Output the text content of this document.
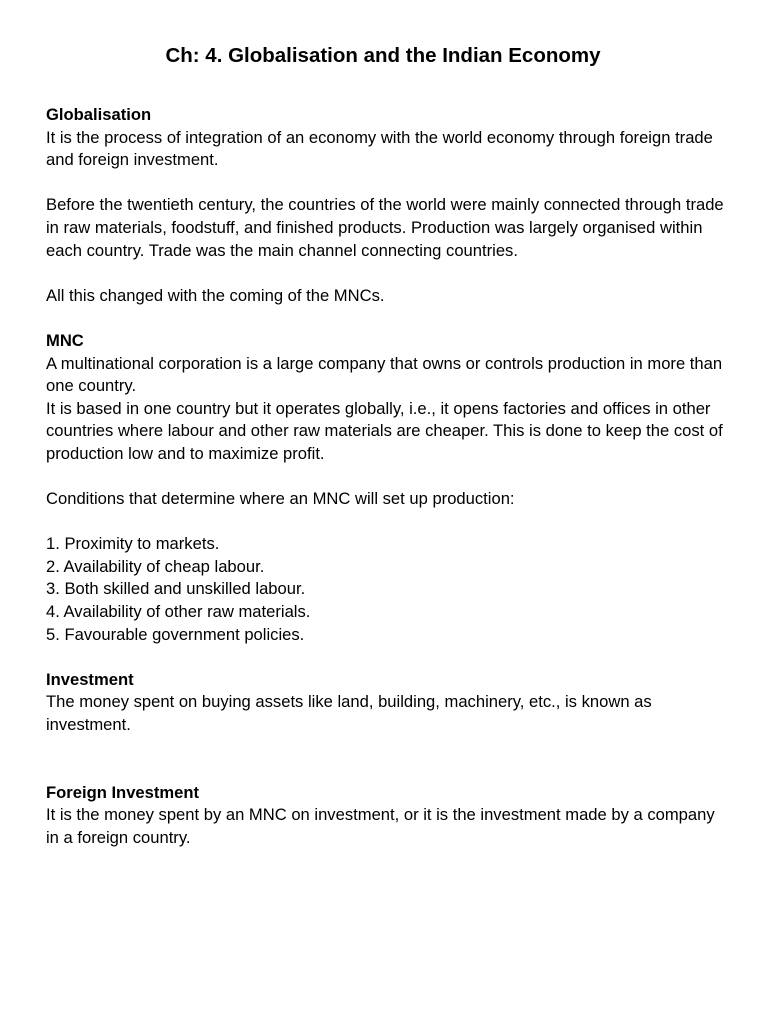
Ch: 4. Globalisation and the Indian Economy

Globalisation

It is the process of integration of an economy with the world economy through foreign trade and foreign investment.

Before the twentieth century, the countries of the world were mainly connected through trade in raw materials, foodstuff, and finished products. Production was largely organised within each country. Trade was the main channel connecting countries.

All this changed with the coming of the MNCs.

MNC

A multinational corporation is a large company that owns or controls production in more than one country.

It is based in one country but it operates globally, i.e., it opens factories and offices in other countries where labour and other raw materials are cheaper. This is done to keep the cost of production low and to maximize profit.

Conditions that determine where an MNC will set up production:

1. Proximity to markets.
2. Availability of cheap labour.
3. Both skilled and unskilled labour.
4. Availability of other raw materials.
5. Favourable government policies.

Investment

The money spent on buying assets like land, building, machinery, etc., is known as investment.

Foreign Investment

It is the money spent by an MNC on investment, or it is the investment made by a company in a foreign country.
